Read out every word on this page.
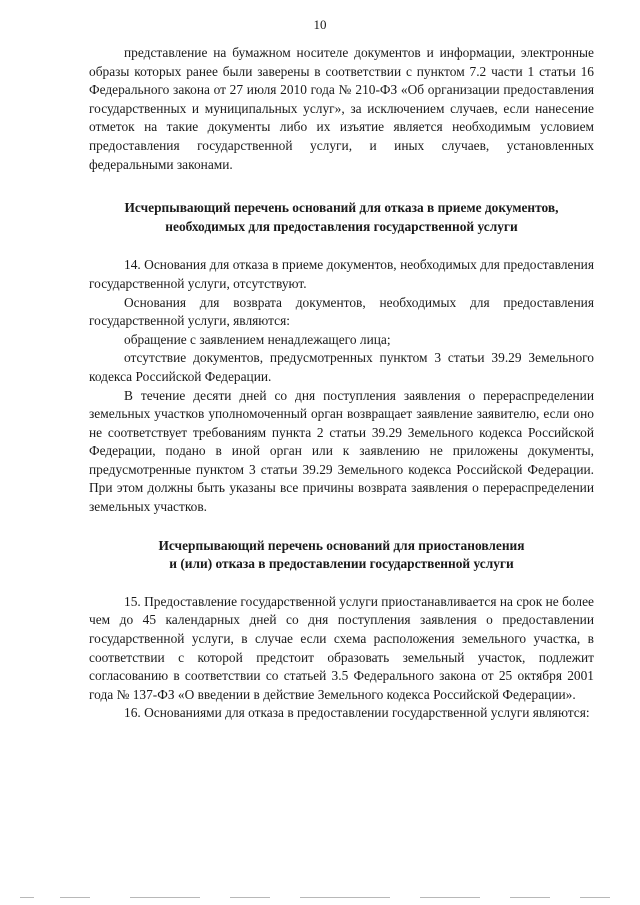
10

представление на бумажном носителе документов и информации, электронные образы которых ранее были заверены в соответствии с пунктом 7.2 части 1 статьи 16 Федерального закона от 27 июля 2010 года № 210-ФЗ «Об организации предоставления государственных и муниципальных услуг», за исключением случаев, если нанесение отметок на такие документы либо их изъятие является необходимым условием предоставления государственной услуги, и иных случаев, установленных федеральными законами.

Исчерпывающий перечень оснований для отказа в приеме документов, необходимых для предоставления государственной услуги

14. Основания для отказа в приеме документов, необходимых для предоставления государственной услуги, отсутствуют.

Основания для возврата документов, необходимых для предоставления государственной услуги, являются:

обращение с заявлением ненадлежащего лица;

отсутствие документов, предусмотренных пунктом 3 статьи 39.29 Земельного кодекса Российской Федерации.

В течение десяти дней со дня поступления заявления о перераспределении земельных участков уполномоченный орган возвращает заявление заявителю, если оно не соответствует требованиям пункта 2 статьи 39.29 Земельного кодекса Российской Федерации, подано в иной орган или к заявлению не приложены документы, предусмотренные пунктом 3 статьи 39.29 Земельного кодекса Российской Федерации. При этом должны быть указаны все причины возврата заявления о перераспределении земельных участков.

Исчерпывающий перечень оснований для приостановления
и (или) отказа в предоставлении государственной услуги

15. Предоставление государственной услуги приостанавливается на срок не более чем до 45 календарных дней со дня поступления заявления о предоставлении государственной услуги, в случае если схема расположения земельного участка, в соответствии с которой предстоит образовать земельный участок, подлежит согласованию в соответствии со статьей 3.5 Федерального закона от 25 октября 2001 года № 137-ФЗ «О введении в действие Земельного кодекса Российской Федерации».

16. Основаниями для отказа в предоставлении государственной услуги являются:
